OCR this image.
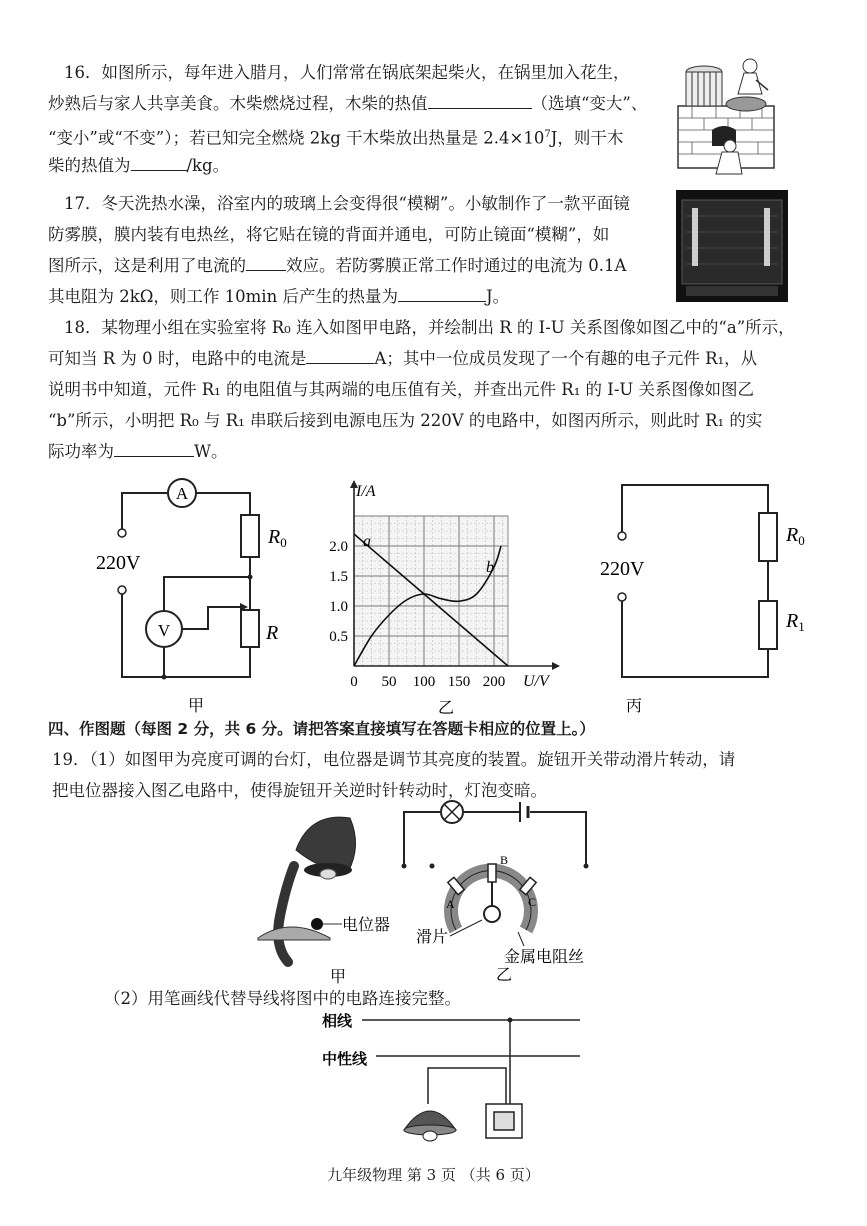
16．如图所示，每年进入腊月，人们常常在锅底架起柴火，在锅里加入花生，
炒熟后与家人共享美食。木柴燃烧过程，木柴的热值	（选填“变大”、
“变小”或“不变”）；若已知完全燃烧 2kg 干木柴放出热量是 $2.4\times 10^7J$，则干木
柴的热值为	/kg。
17．冬天洗热水澡，浴室内的玻璃上会变得很“模糊”。小敏制作了一款平面镜
防雾膜，膜内装有电热丝，将它贴在镜的背面并通电，可防止镜面“模糊”，如
图所示，这是利用了电流的 效应。若防雾膜正常工作时通过的电流为 0.1A
其电阻为 2kΩ，则工作 10min 后产生的热量为	J。
18．某物理小组在实验室将 R₀ 连入如图甲电路，并绘制出 R 的 I-U 关系图像如图乙中的“a”所示，
可知当 R 为 0 时，电路中的电流是	A；其中一位成员发现了一个有趣的电子元件 R₁，从
说明书中知道，元件 R₁ 的电阻值与其两端的电压值有关，并查出元件 R₁ 的 I-U 关系图像如图乙
“b”所示，小明把 R₀ 与 R₁ 串联后接到电源电压为 220V 的电路中，如图丙所示，则此时 R₁ 的实
际功率为	W。
A
$R_0$
R
V
220V
甲
2.0
1.5
1.0
0.5
0 50 100 150 200
I/A
U/V
a
b
乙
220V
$R_0$
$R_1$
丙
四、作图题（每图 2 分，共 6 分。请把答案直接填写在答题卡相应的位置上。）
19．（1）如图甲为亮度可调的台灯，电位器是调节其亮度的装置。旋钮开关带动滑片转动，请
把电位器接入图乙电路中，使得旋钮开关逆时针转动时，灯泡变暗。
电位器
甲
A
B
C
滑片
金属电阻丝
乙
（2）用笔画线代替导线将图中的电路连接完整。
相线
中性线
九年级物理 第 3 页 （共 6 页）
